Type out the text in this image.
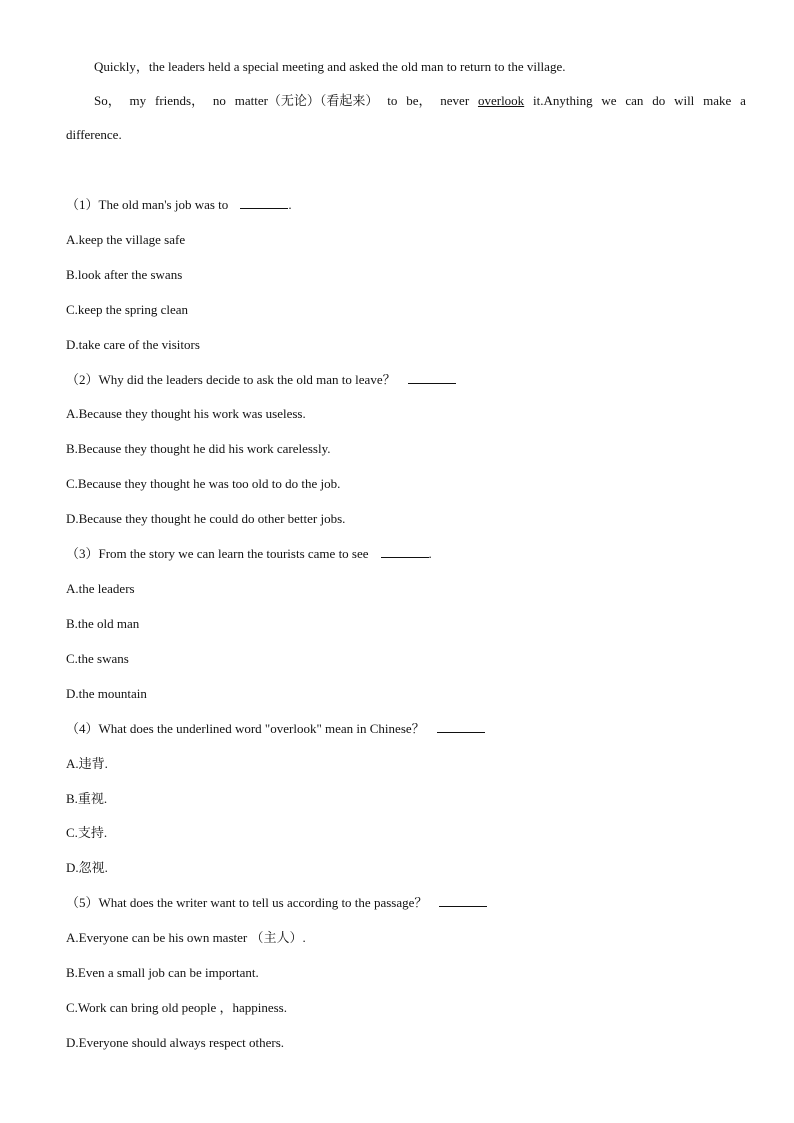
Quickly，the leaders held a special meeting and asked the old man to return to the village.
So， my friends， no matter（无论）（看起来） to be， never overlook it.Anything we can do will make a
difference.
（1）The old man's job was to	.
A.keep the village safe
B.look after the swans
C.keep the spring clean
D.take care of the visitors
（2）Why did the leaders decide to ask the old man to leave？
A.Because they thought his work was useless.
B.Because they thought he did his work carelessly.
C.Because they thought he was too old to do the job.
D.Because they thought he could do other better jobs.
（3）From the story we can learn the tourists came to see	.
A.the leaders
B.the old man
C.the swans
D.the mountain
（4）What does the underlined word "overlook" mean in Chinese？
A.违背.
B.重视.
C.支持.
D.忽视.
（5）What does the writer want to tell us according to the passage？
A.Everyone can be his own master （主人）.
B.Even a small job can be important.
C.Work can bring old people ，happiness.
D.Everyone should always respect others.
